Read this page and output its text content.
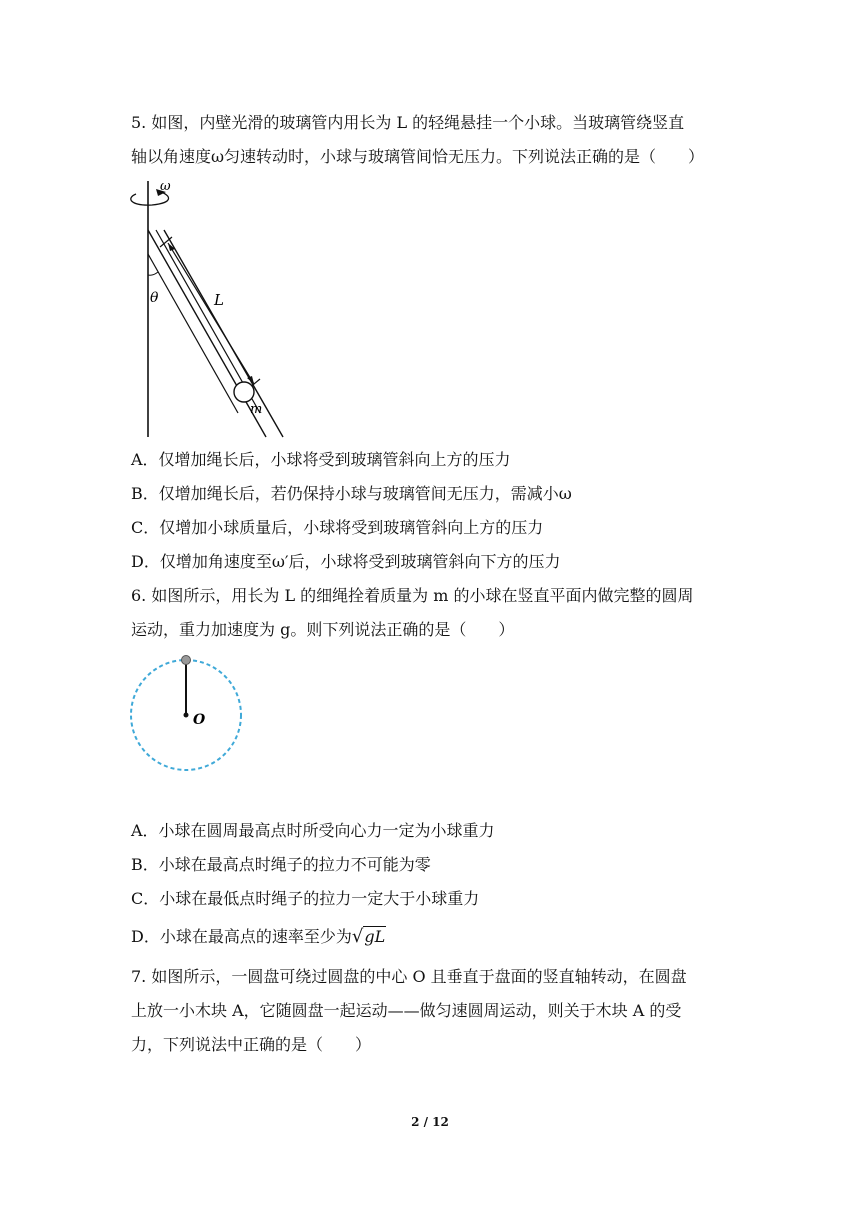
5. 如图，内壁光滑的玻璃管内用长为 L 的轻绳悬挂一个小球。当玻璃管绕竖直
轴以角速度ω匀速转动时，小球与玻璃管间恰无压力。下列说法正确的是（　　）
ω
L
θ
m
A．仅增加绳长后，小球将受到玻璃管斜向上方的压力
B．仅增加绳长后，若仍保持小球与玻璃管间无压力，需减小ω
C．仅增加小球质量后，小球将受到玻璃管斜向上方的压力
D．仅增加角速度至ω′后，小球将受到玻璃管斜向下方的压力
6. 如图所示，用长为 L 的细绳拴着质量为 m 的小球在竖直平面内做完整的圆周
运动，重力加速度为 g。则下列说法正确的是（　　）
O
A．小球在圆周最高点时所受向心力一定为小球重力
B．小球在最高点时绳子的拉力不可能为零
C．小球在最低点时绳子的拉力一定大于小球重力
D．小球在最高点的速率至少为√gL
7. 如图所示，一圆盘可绕过圆盘的中心 O 且垂直于盘面的竖直轴转动，在圆盘
上放一小木块 A，它随圆盘一起运动——做匀速圆周运动，则关于木块 A 的受
力，下列说法中正确的是（　　）
2 / 12
